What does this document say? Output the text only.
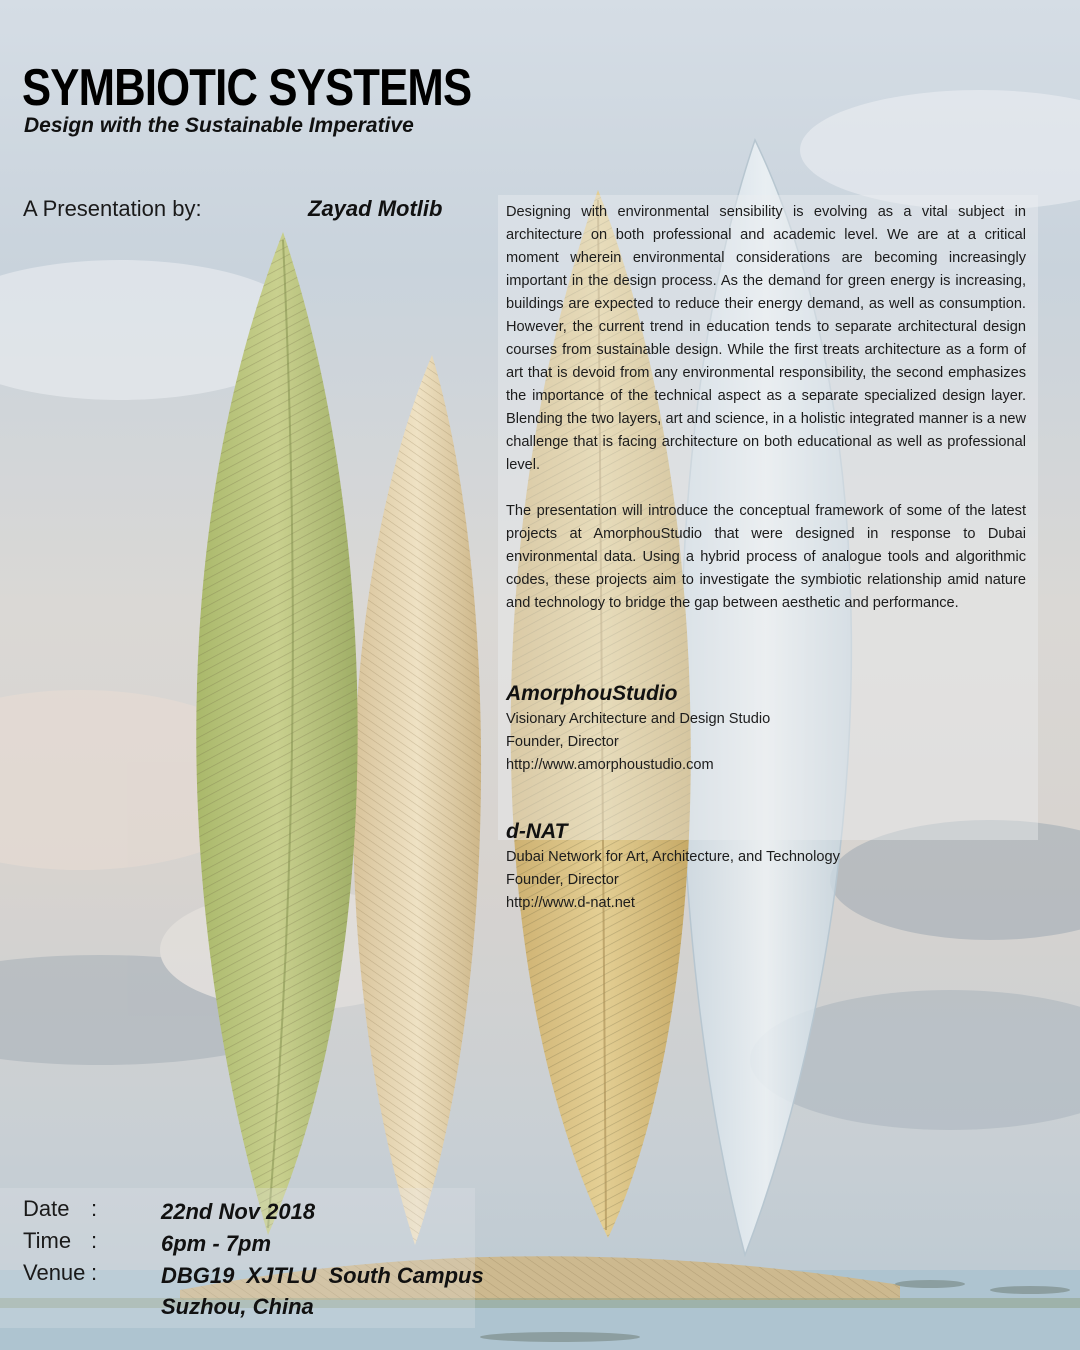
SYMBIOTIC SYSTEMS
Design with the Sustainable Imperative
A Presentation by:	Zayad Motlib	Designing with environmental sensibility is evolving as a vital subject in architecture on both professional and academic level. We are at a critical moment wherein environmental considerations are becoming increasingly important in the design process. As the demand for green energy is increasing, buildings are expected to reduce their energy demand, as well as consumption. However, the current trend in education tends to separate architectural design courses from sustainable design. While the first treats architecture as a form of art that is devoid from any environmental responsibility, the second emphasizes the importance of the technical aspect as a separate specialized design layer. Blending the two layers, art and science, in a holistic integrated manner is a new challenge that is facing architecture on both educational as well as professional level.

The presentation will introduce the conceptual framework of some of the latest projects at AmorphouStudio that were designed in response to Dubai environmental data. Using a hybrid process of analogue tools and algorithmic codes, these projects aim to investigate the symbiotic relationship amid nature and technology to bridge the gap between aesthetic and performance.

AmorphouStudio
Visionary Architecture and Design Studio
Founder, Director
http://www.amorphoustudio.com
d-NAT
Dubai Network for Art, Architecture, and Technology
Founder, Director
http://www.d-nat.net
Date :	22nd Nov 2018
Time :	6pm - 7pm
Venue :	DBG19  XJTLU  South Campus
Suzhou, China
